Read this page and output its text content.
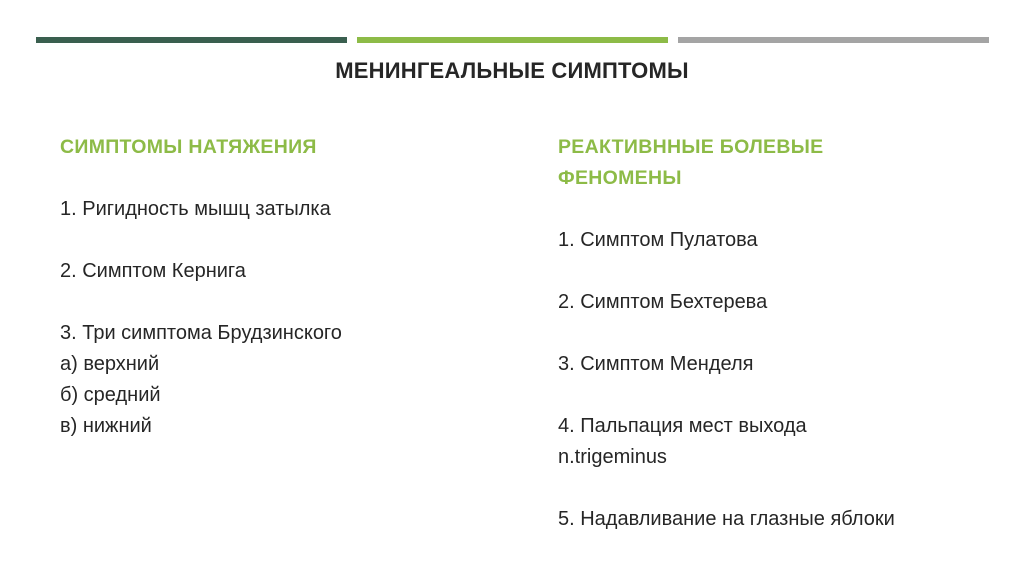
МЕНИНГЕАЛЬНЫЕ СИМПТОМЫ
СИМПТОМЫ НАТЯЖЕНИЯ
1. Ригидность мышц затылка
2. Симптом Кернига
3. Три симптома Брудзинского
а) верхний
б) средний
в) нижний
РЕАКТИВННЫЕ БОЛЕВЫЕ
ФЕНОМЕНЫ
1. Симптом Пулатова
2. Симптом Бехтерева
3. Симптом Менделя
4. Пальпация мест выхода
n.trigeminus
5. Надавливание на глазные яблоки
